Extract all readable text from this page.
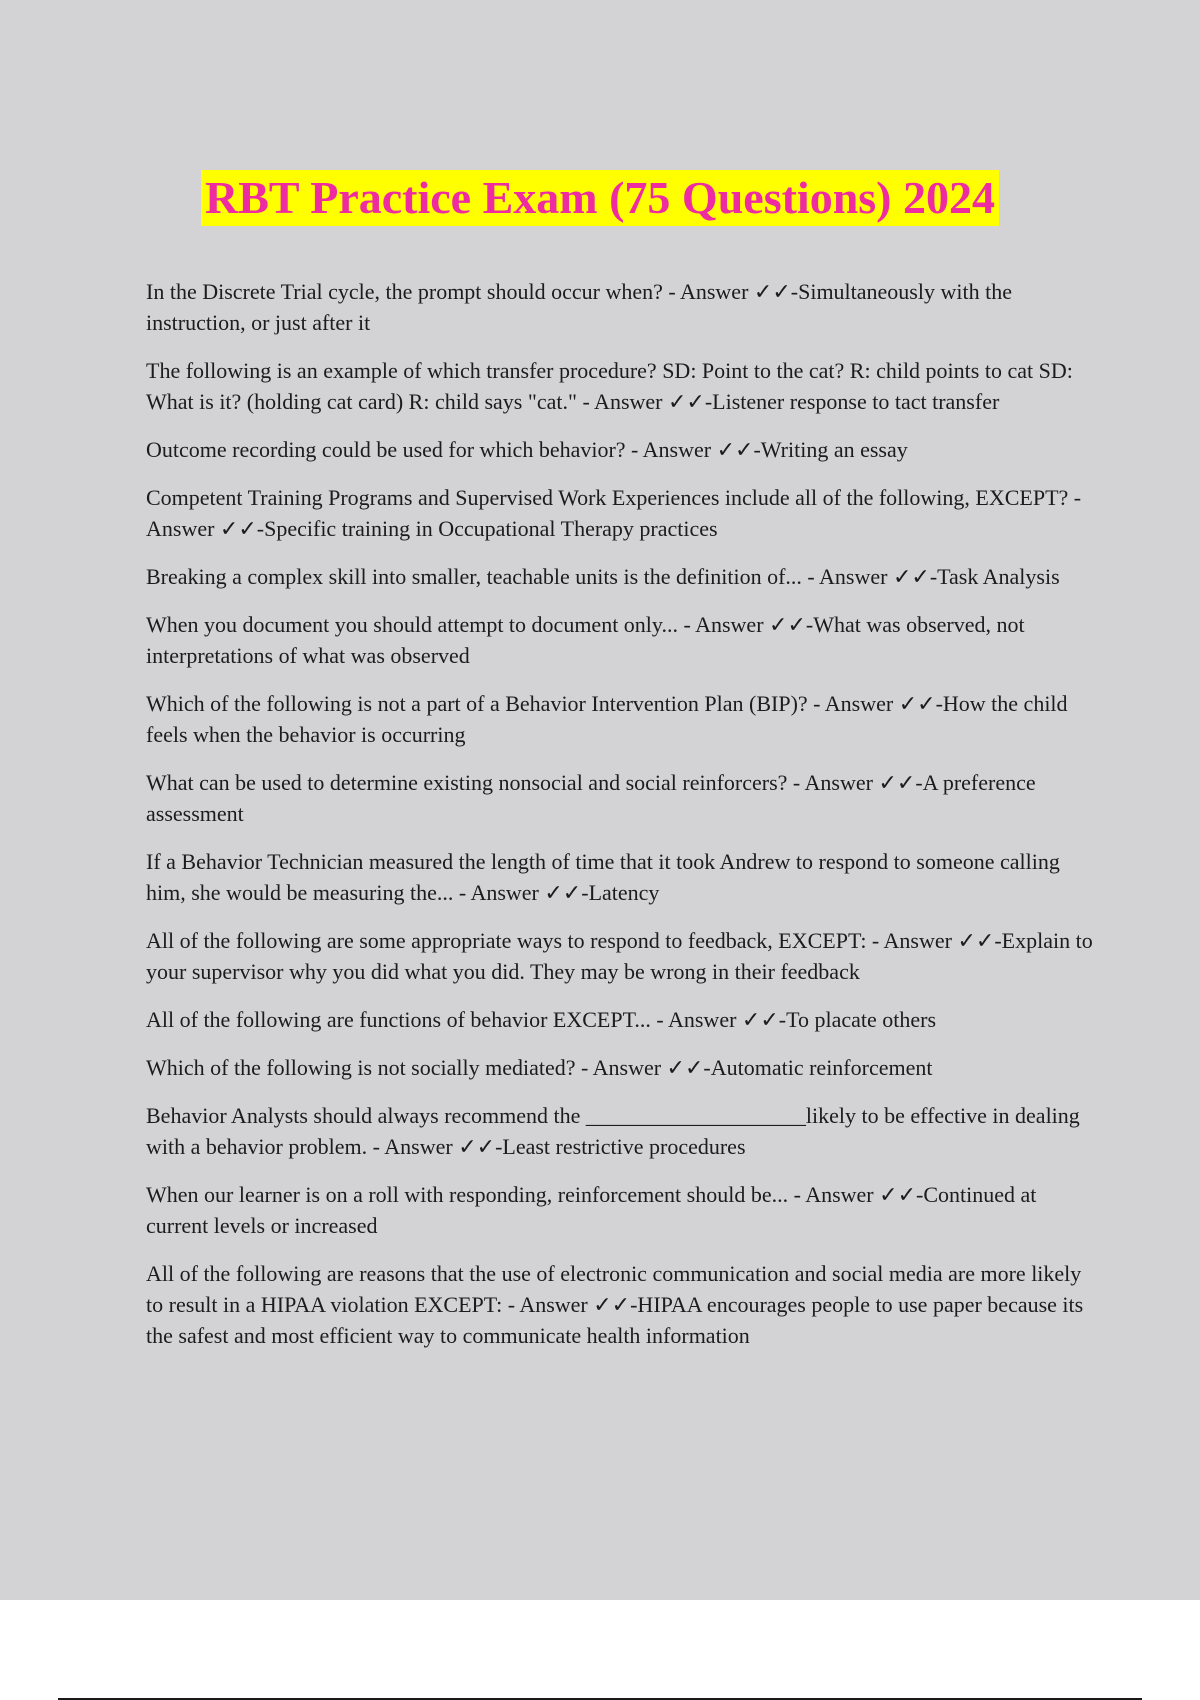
RBT Practice Exam (75 Questions) 2024
In the Discrete Trial cycle, the prompt should occur when? - Answer ✓✓-Simultaneously with the instruction, or just after it
The following is an example of which transfer procedure? SD: Point to the cat? R: child points to cat SD: What is it? (holding cat card) R: child says "cat." - Answer ✓✓-Listener response to tact transfer
Outcome recording could be used for which behavior? - Answer ✓✓-Writing an essay
Competent Training Programs and Supervised Work Experiences include all of the following, EXCEPT? - Answer ✓✓-Specific training in Occupational Therapy practices
Breaking a complex skill into smaller, teachable units is the definition of... - Answer ✓✓-Task Analysis
When you document you should attempt to document only... - Answer ✓✓-What was observed, not interpretations of what was observed
Which of the following is not a part of a Behavior Intervention Plan (BIP)? - Answer ✓✓-How the child feels when the behavior is occurring
What can be used to determine existing nonsocial and social reinforcers? - Answer ✓✓-A preference assessment
If a Behavior Technician measured the length of time that it took Andrew to respond to someone calling him, she would be measuring the... - Answer ✓✓-Latency
All of the following are some appropriate ways to respond to feedback, EXCEPT: - Answer ✓✓-Explain to your supervisor why you did what you did. They may be wrong in their feedback
All of the following are functions of behavior EXCEPT... - Answer ✓✓-To placate others
Which of the following is not socially mediated? - Answer ✓✓-Automatic reinforcement
Behavior Analysts should always recommend the ____________________likely to be effective in dealing with a behavior problem. - Answer ✓✓-Least restrictive procedures
When our learner is on a roll with responding, reinforcement should be... - Answer ✓✓-Continued at current levels or increased
All of the following are reasons that the use of electronic communication and social media are more likely to result in a HIPAA violation EXCEPT: - Answer ✓✓-HIPAA encourages people to use paper because its the safest and most efficient way to communicate health information
